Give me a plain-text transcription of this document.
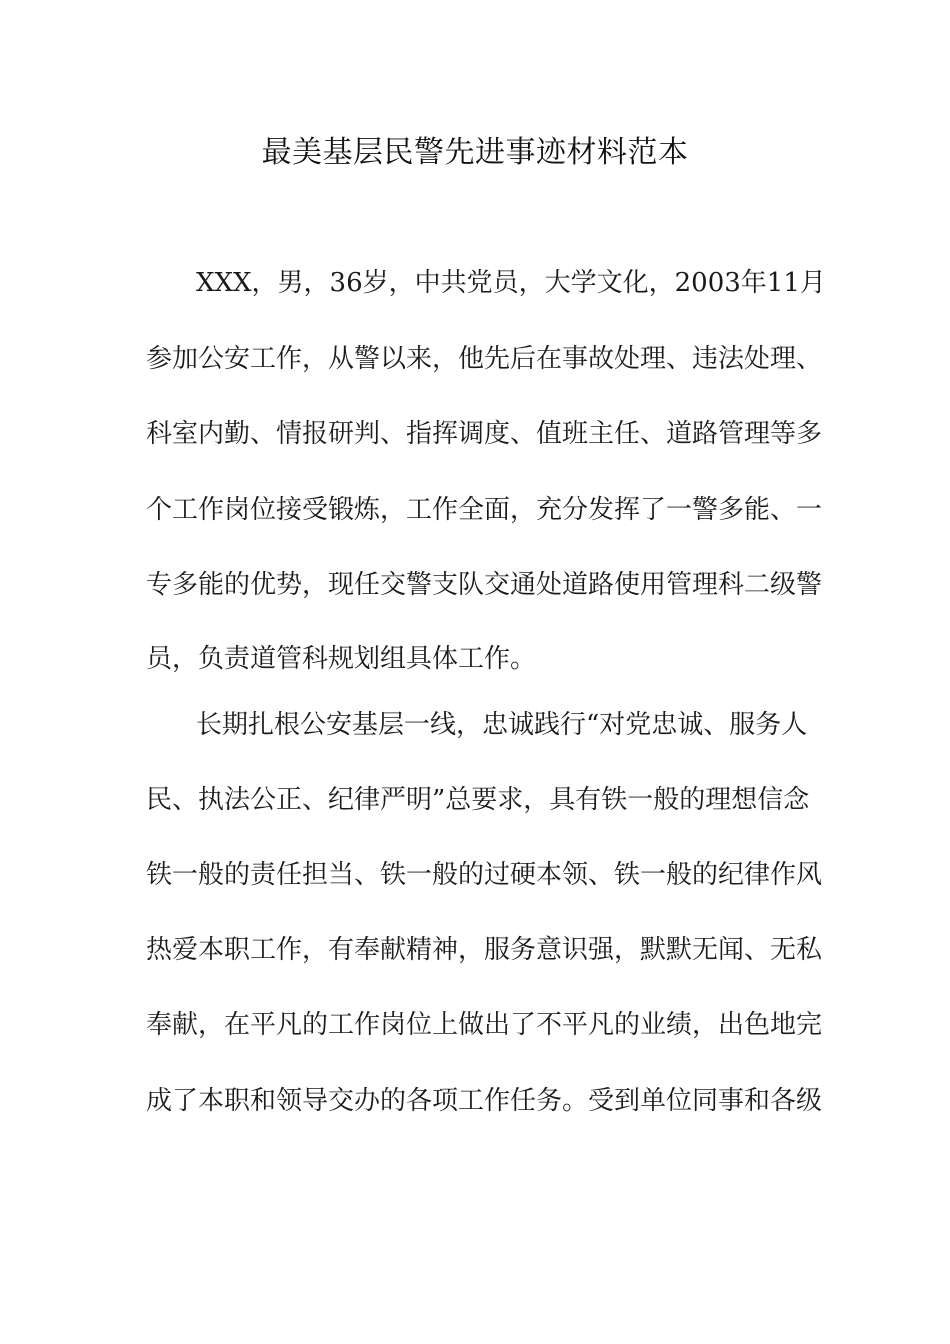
最美基层民警先进事迹材料范本
XXX，男，36岁，中共党员，大学文化，2003年11月
参加公安工作，从警以来，他先后在事故处理、违法处理、
科室内勤、情报研判、指挥调度、值班主任、道路管理等多
个工作岗位接受锻炼，工作全面，充分发挥了一警多能、一
专多能的优势，现任交警支队交通处道路使用管理科二级警
员，负责道管科规划组具体工作。
长期扎根公安基层一线，忠诚践行“对党忠诚、服务人
民、执法公正、纪律严明”总要求，具有铁一般的理想信念
铁一般的责任担当、铁一般的过硬本领、铁一般的纪律作风
热爱本职工作，有奉献精神，服务意识强，默默无闻、无私
奉献，在平凡的工作岗位上做出了不平凡的业绩，出色地完
成了本职和领导交办的各项工作任务。受到单位同事和各级
